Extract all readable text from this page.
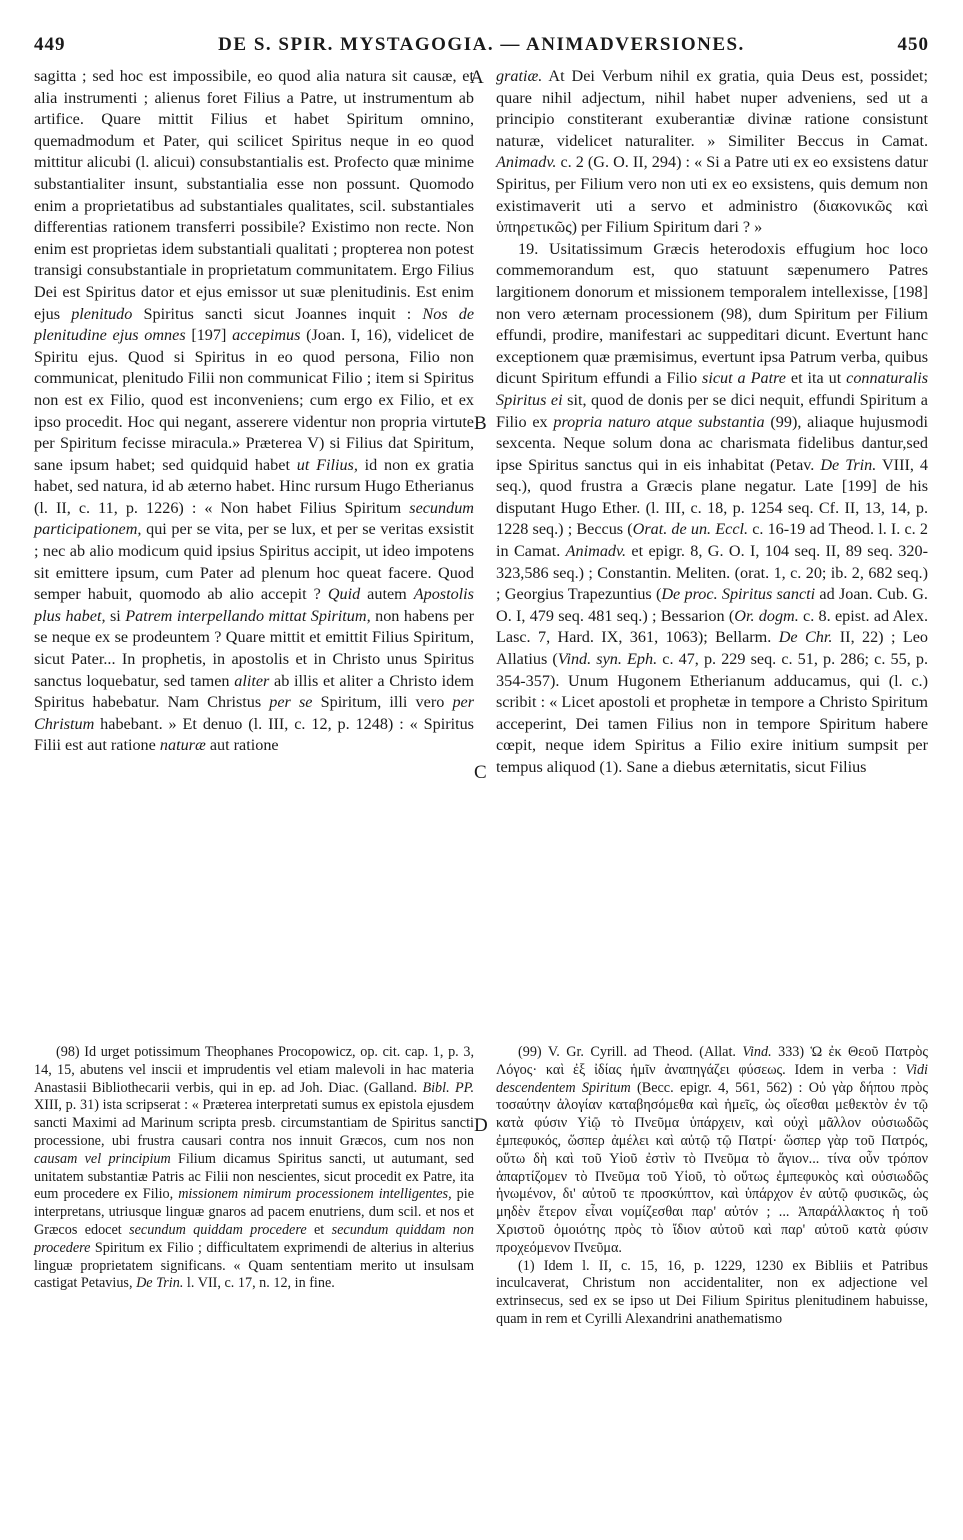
449	DE S. SPIR. MYSTAGOGIA. — ANIMADVERSIONES.	450
A
B
C
D

sagitta ; sed hoc est impossibile, eo quod alia natura sit causæ, et alia instrumenti ; alienus foret Filius a Patre, ut instrumentum ab artifice. Quare mittit Filius et habet Spiritum omnino, quemadmodum et Pater, qui scilicet Spiritus neque in eo quod mittitur alicubi (l. alicui) consubstantialis est. Profecto quæ minime substantialiter insunt, substantialia esse non possunt. Quomodo enim a proprietatibus ad substantiales qualitates, scil. substantiales differentias rationem transferri possibile? Existimo non recte. Non enim est proprietas idem substantiali qualitati ; propterea non potest transigi consubstantiale in proprietatum communitatem. Ergo Filius Dei est Spiritus dator et ejus emissor ut suæ plenitudinis. Est enim ejus plenitudo Spiritus sancti sicut Joannes inquit : Nos de plenitudine ejus omnes [197] accepimus (Joan. I, 16), videlicet de Spiritu ejus. Quod si Spiritus in eo quod persona, Filio non communicat, plenitudo Filii non communicat Filio ; item si Spiritus non est ex Filio, quod est inconveniens; cum ergo ex Filio, et ex ipso procedit. Hoc qui negant, asserere videntur non propria virtute per Spiritum fecisse miracula.» Præterea V) si Filius dat Spiritum, sane ipsum habet; sed quidquid habet ut Filius, id non ex gratia habet, sed natura, id ab æterno habet. Hinc rursum Hugo Etherianus (l. II, c. 11, p. 1226) : « Non habet Filius Spiritum secundum participationem, qui per se vita, per se lux, et per se veritas exsistit ; nec ab alio modicum quid ipsius Spiritus accipit, ut ideo impotens sit emittere ipsum, cum Pater ad plenum hoc queat facere. Quod semper habuit, quomodo ab alio accepit ? Quid autem Apostolis plus habet, si Patrem interpellando mittat Spiritum, non habens per se neque ex se prodeuntem ? Quare mittit et emittit Filius Spiritum, sicut Pater... In prophetis, in apostolis et in Christo unus Spiritus sanctus loquebatur, sed tamen aliter ab illis et aliter a Christo idem Spiritus habebatur. Nam Christus per se Spiritum, illi vero per Christum habebant. » Et denuo (l. III, c. 12, p. 1248) : « Spiritus Filii est aut ratione naturæ aut ratione

gratiæ. At Dei Verbum nihil ex gratia, quia Deus est, possidet; quare nihil adjectum, nihil habet nuper adveniens, sed ut a principio constiterant exuberantiæ divinæ ratione consistunt naturæ, videlicet naturaliter. » Similiter Beccus in Camat. Animadv. c. 2 (G. O. II, 294) : « Si a Patre uti ex eo exsistens datur Spiritus, per Filium vero non uti ex eo exsistens, quis demum non existimaverit uti a servo et administro (διακονικῶς καὶ ὑπηρετικῶς) per Filium Spiritum dari ? »

19. Usitatissimum Græcis heterodoxis effugium hoc loco commemorandum est, quo statuunt sæpenumero Patres largitionem donorum et missionem temporalem intellexisse, [198] non vero æternam processionem (98), dum Spiritum per Filium effundi, prodire, manifestari ac suppeditari dicunt. Evertunt hanc exceptionem quæ præmisimus, evertunt ipsa Patrum verba, quibus dicunt Spiritum effundi a Filio sicut a Patre et ita ut connaturalis Spiritus ei sit, quod de donis per se dici nequit, effundi Spiritum a Filio ex propria naturo atque substantia (99), aliaque hujusmodi sexcenta. Neque solum dona ac charismata fidelibus dantur,sed ipse Spiritus sanctus qui in eis inhabitat (Petav. De Trin. VIII, 4 seq.), quod frustra a Græcis plane negatur. Late [199] de his disputant Hugo Ether. (l. III, c. 18, p. 1254 seq. Cf. II, 13, 14, p. 1228 seq.) ; Beccus (Orat. de un. Eccl. c. 16-19 ad Theod. l. I. c. 2 in Camat. Animadv. et epigr. 8, G. O. I, 104 seq. II, 89 seq. 320-323,586 seq.) ; Constantin. Meliten. (orat. 1, c. 20; ib. 2, 682 seq.) ; Georgius Trapezuntius (De proc. Spiritus sancti ad Joan. Cub. G. O. I, 479 seq. 481 seq.) ; Bessarion (Or. dogm. c. 8. epist. ad Alex. Lasc. 7, Hard. IX, 361, 1063); Bellarm. De Chr. II, 22) ; Leo Allatius (Vind. syn. Eph. c. 47, p. 229 seq. c. 51, p. 286; c. 55, p. 354-357). Unum Hugonem Etherianum adducamus, qui (l. c.) scribit : « Licet apostoli et prophetæ in tempore a Christo Spiritum acceperint, Dei tamen Filius non in tempore Spiritum habere cœpit, neque idem Spiritus a Filio exire initium sumpsit per tempus aliquod (1). Sane a diebus æternitatis, sicut Filius

(98) Id urget potissimum Theophanes Procopowicz, op. cit. cap. 1, p. 3, 14, 15, abutens vel inscii et imprudentis vel etiam malevoli in hac materia Anastasii Bibliothecarii verbis, qui in ep. ad Joh. Diac. (Galland. Bibl. PP. XIII, p. 31) ista scripserat : « Præterea interpretati sumus ex epistola ejusdem sancti Maximi ad Marinum scripta presb. circumstantiam de Spiritus sancti processione, ubi frustra causari contra nos innuit Græcos, cum nos non causam vel principium Filium dicamus Spiritus sancti, ut autumant, sed unitatem substantiæ Patris ac Filii non nescientes, sicut procedit ex Patre, ita eum procedere ex Filio, missionem nimirum processionem intelligentes, pie interpretans, utriusque linguæ gnaros ad pacem enutriens, dum scil. et nos et Græcos edocet secundum quiddam procedere et secundum quiddam non procedere Spiritum ex Filio ; difficultatem exprimendi de alterius in alterius linguæ proprietatem significans. « Quam sententiam merito ut insulsam castigat Petavius, De Trin. l. VII, c. 17, n. 12, in fine.

(99) V. Gr. Cyrill. ad Theod. (Allat. Vind. 333) Ὡ ἐκ Θεοῦ Πατρὸς Λόγος· καὶ ἐξ ἰδίας ἡμῖν ἀναπηγάζει φύσεως. Idem in verba : Vidi descendentem Spiritum (Becc. epigr. 4, 561, 562) : Οὐ γὰρ δήπου πρὸς τοσαύτην ἀλογίαν καταβησόμεθα καὶ ἡμεῖς, ὡς οἴεσθαι μεθεκτὸν ἐν τῷ κατὰ φύσιν Υἱῷ τὸ Πνεῦμα ὑπάρχειν, καὶ οὐχὶ μᾶλλον οὐσιωδῶς ἐμπεφυκός, ὥσπερ ἀμέλει καὶ αὐτῷ τῷ Πατρί· ὥσπερ γὰρ τοῦ Πατρός, οὕτω δὴ καὶ τοῦ Υἱοῦ ἐστὶν τὸ Πνεῦμα τὸ ἅγιον... τίνα οὖν τρόπον ἀπαρτίζομεν τὸ Πνεῦμα τοῦ Υἱοῦ, τὸ οὕτως ἐμπεφυκὸς καὶ οὐσιωδῶς ἡνωμένον, δι' αὐτοῦ τε προσκύπτον, καὶ ὑπάρχον ἐν αὐτῷ φυσικῶς, ὡς μηδὲν ἕτερον εἶναι νομίζεσθαι παρ' αὐτόν ; ... Ἀπαράλλακτος ἡ τοῦ Χριστοῦ ὁμοιότης πρὸς τὸ ἴδιον αὐτοῦ καὶ παρ' αὐτοῦ κατὰ φύσιν προχεόμενον Πνεῦμα.

(1) Idem l. II, c. 15, 16, p. 1229, 1230 ex Bibliis et Patribus inculcaverat, Christum non accidentaliter, non ex adjectione vel extrinsecus, sed ex se ipso ut Dei Filium Spiritus plenitudinem habuisse, quam in rem et Cyrilli Alexandrini anathematismo
